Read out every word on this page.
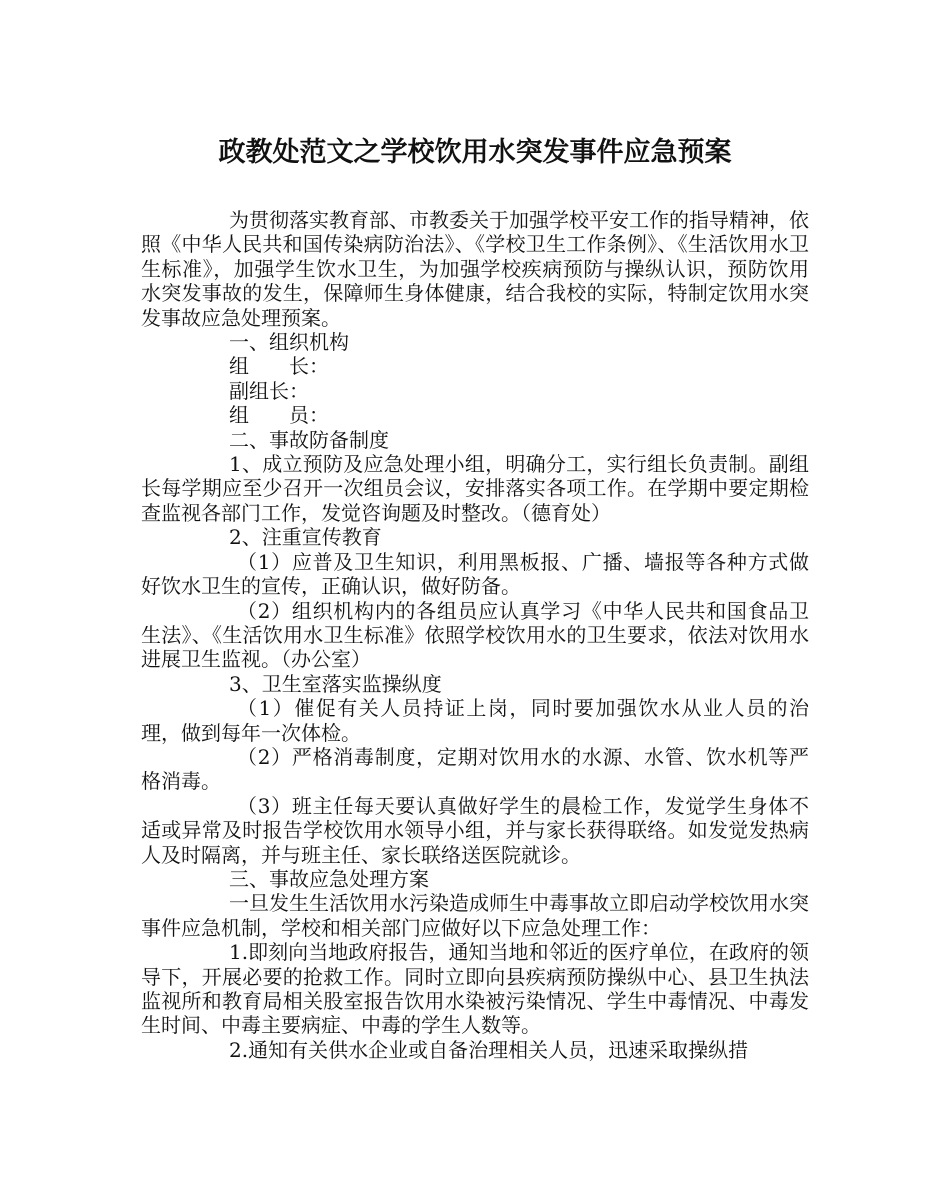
政教处范文之学校饮用水突发事件应急预案

为贯彻落实教育部、市教委关于加强学校平安工作的指导精神，依照《中华人民共和国传染病防治法》、《学校卫生工作条例》、《生活饮用水卫生标准》，加强学生饮水卫生，为加强学校疾病预防与操纵认识，预防饮用水突发事故的发生，保障师生身体健康，结合我校的实际，特制定饮用水突发事故应急处理预案。

一、组织机构

组　　长：

副组长：

组　　员：

二、事故防备制度

1、成立预防及应急处理小组，明确分工，实行组长负责制。副组长每学期应至少召开一次组员会议，安排落实各项工作。在学期中要定期检查监视各部门工作，发觉咨询题及时整改。（德育处）

2、注重宣传教育

（1）应普及卫生知识，利用黑板报、广播、墙报等各种方式做好饮水卫生的宣传，正确认识，做好防备。

（2）组织机构内的各组员应认真学习《中华人民共和国食品卫生法》、《生活饮用水卫生标准》依照学校饮用水的卫生要求，依法对饮用水进展卫生监视。（办公室）

3、卫生室落实监操纵度

（1）催促有关人员持证上岗，同时要加强饮水从业人员的治理，做到每年一次体检。

（2）严格消毒制度，定期对饮用水的水源、水管、饮水机等严格消毒。

（3）班主任每天要认真做好学生的晨检工作，发觉学生身体不适或异常及时报告学校饮用水领导小组，并与家长获得联络。如发觉发热病人及时隔离，并与班主任、家长联络送医院就诊。

三、事故应急处理方案

一旦发生生活饮用水污染造成师生中毒事故立即启动学校饮用水突事件应急机制，学校和相关部门应做好以下应急处理工作：

1.即刻向当地政府报告，通知当地和邻近的医疗单位，在政府的领导下，开展必要的抢救工作。同时立即向县疾病预防操纵中心、县卫生执法监视所和教育局相关股室报告饮用水染被污染情况、学生中毒情况、中毒发生时间、中毒主要病症、中毒的学生人数等。

2.通知有关供水企业或自备治理相关人员，迅速采取操纵措
